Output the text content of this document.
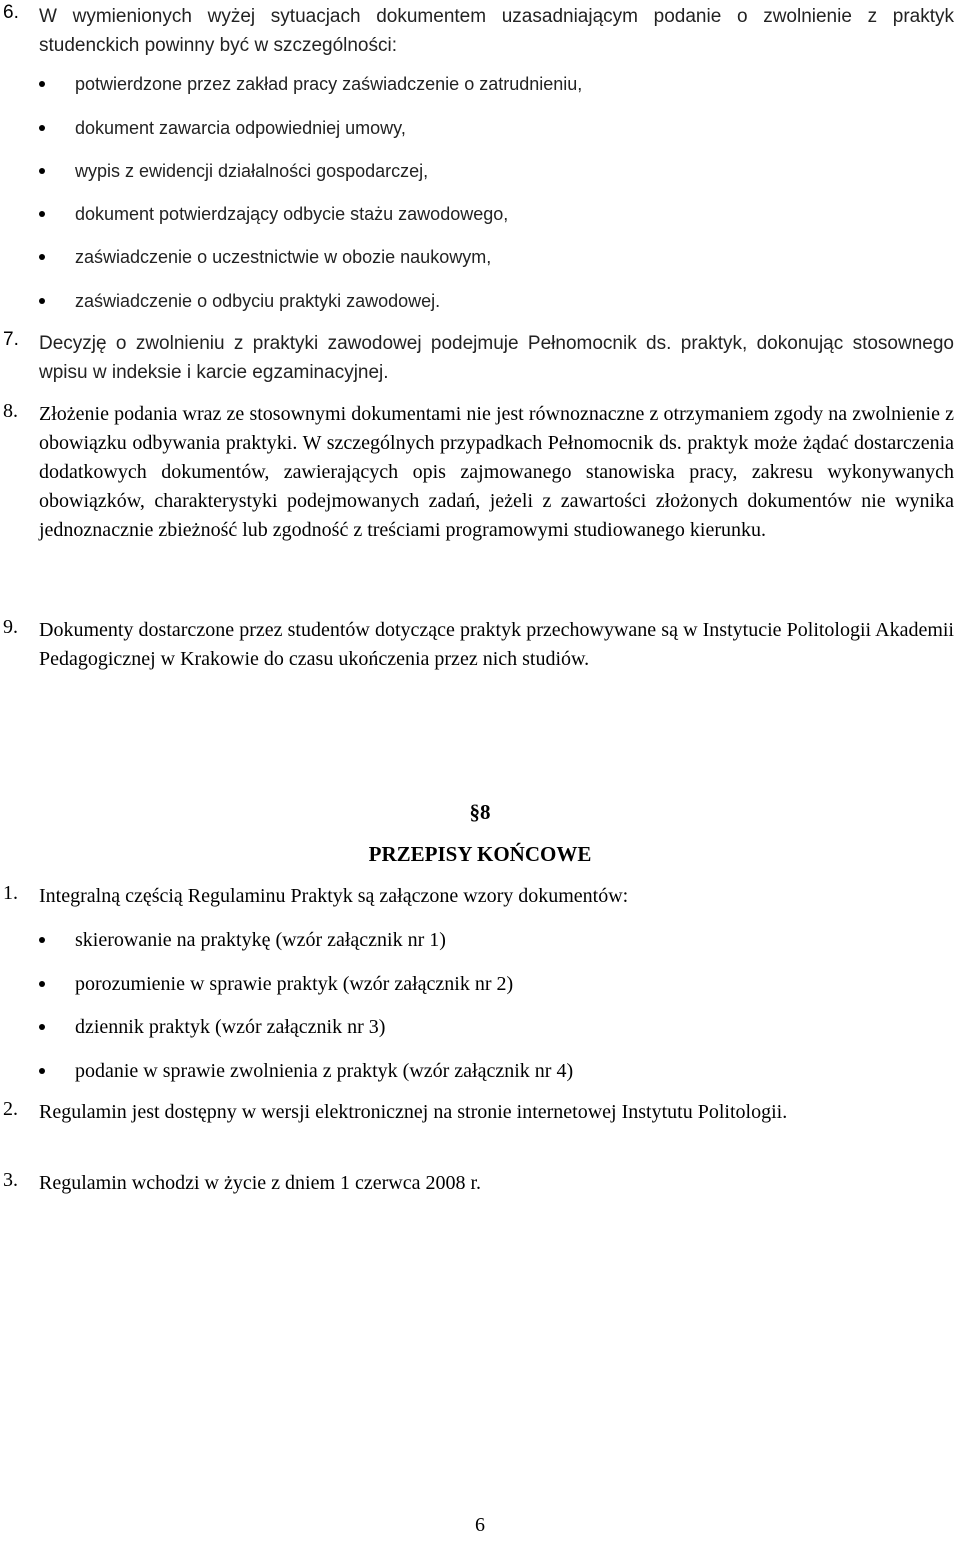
6. W wymienionych wyżej sytuacjach dokumentem uzasadniającym podanie o zwolnienie z praktyk studenckich powinny być w szczególności:
potwierdzone przez zakład pracy zaświadczenie o zatrudnieniu,
dokument zawarcia odpowiedniej umowy,
wypis z ewidencji działalności gospodarczej,
dokument potwierdzający odbycie stażu zawodowego,
zaświadczenie o uczestnictwie w obozie naukowym,
zaświadczenie o odbyciu praktyki zawodowej.
7. Decyzję o zwolnieniu z praktyki zawodowej podejmuje Pełnomocnik ds. praktyk, dokonując stosownego wpisu w indeksie i karcie egzaminacyjnej.
8. Złożenie podania wraz ze stosownymi dokumentami nie jest równoznaczne z otrzymaniem zgody na zwolnienie z obowiązku odbywania praktyki. W szczególnych przypadkach Pełnomocnik ds. praktyk może żądać dostarczenia dodatkowych dokumentów, zawierających opis zajmowanego stanowiska pracy, zakresu wykonywanych obowiązków, charakterystyki podejmowanych zadań, jeżeli z zawartości złożonych dokumentów nie wynika jednoznacznie zbieżność lub zgodność z treściami programowymi studiowanego kierunku.
9. Dokumenty dostarczone przez studentów dotyczące praktyk przechowywane są w Instytucie Politologii Akademii Pedagogicznej w Krakowie do czasu ukończenia przez nich studiów.
§8
PRZEPISY KOŃCOWE
1. Integralną częścią Regulaminu Praktyk są załączone wzory dokumentów:
skierowanie na praktykę (wzór załącznik nr 1)
porozumienie w sprawie praktyk (wzór załącznik nr 2)
dziennik praktyk (wzór załącznik nr 3)
podanie w sprawie zwolnienia z praktyk (wzór załącznik nr 4)
2. Regulamin jest dostępny w wersji elektronicznej na stronie internetowej Instytutu Politologii.
3. Regulamin wchodzi w życie z dniem 1 czerwca 2008 r.
6
